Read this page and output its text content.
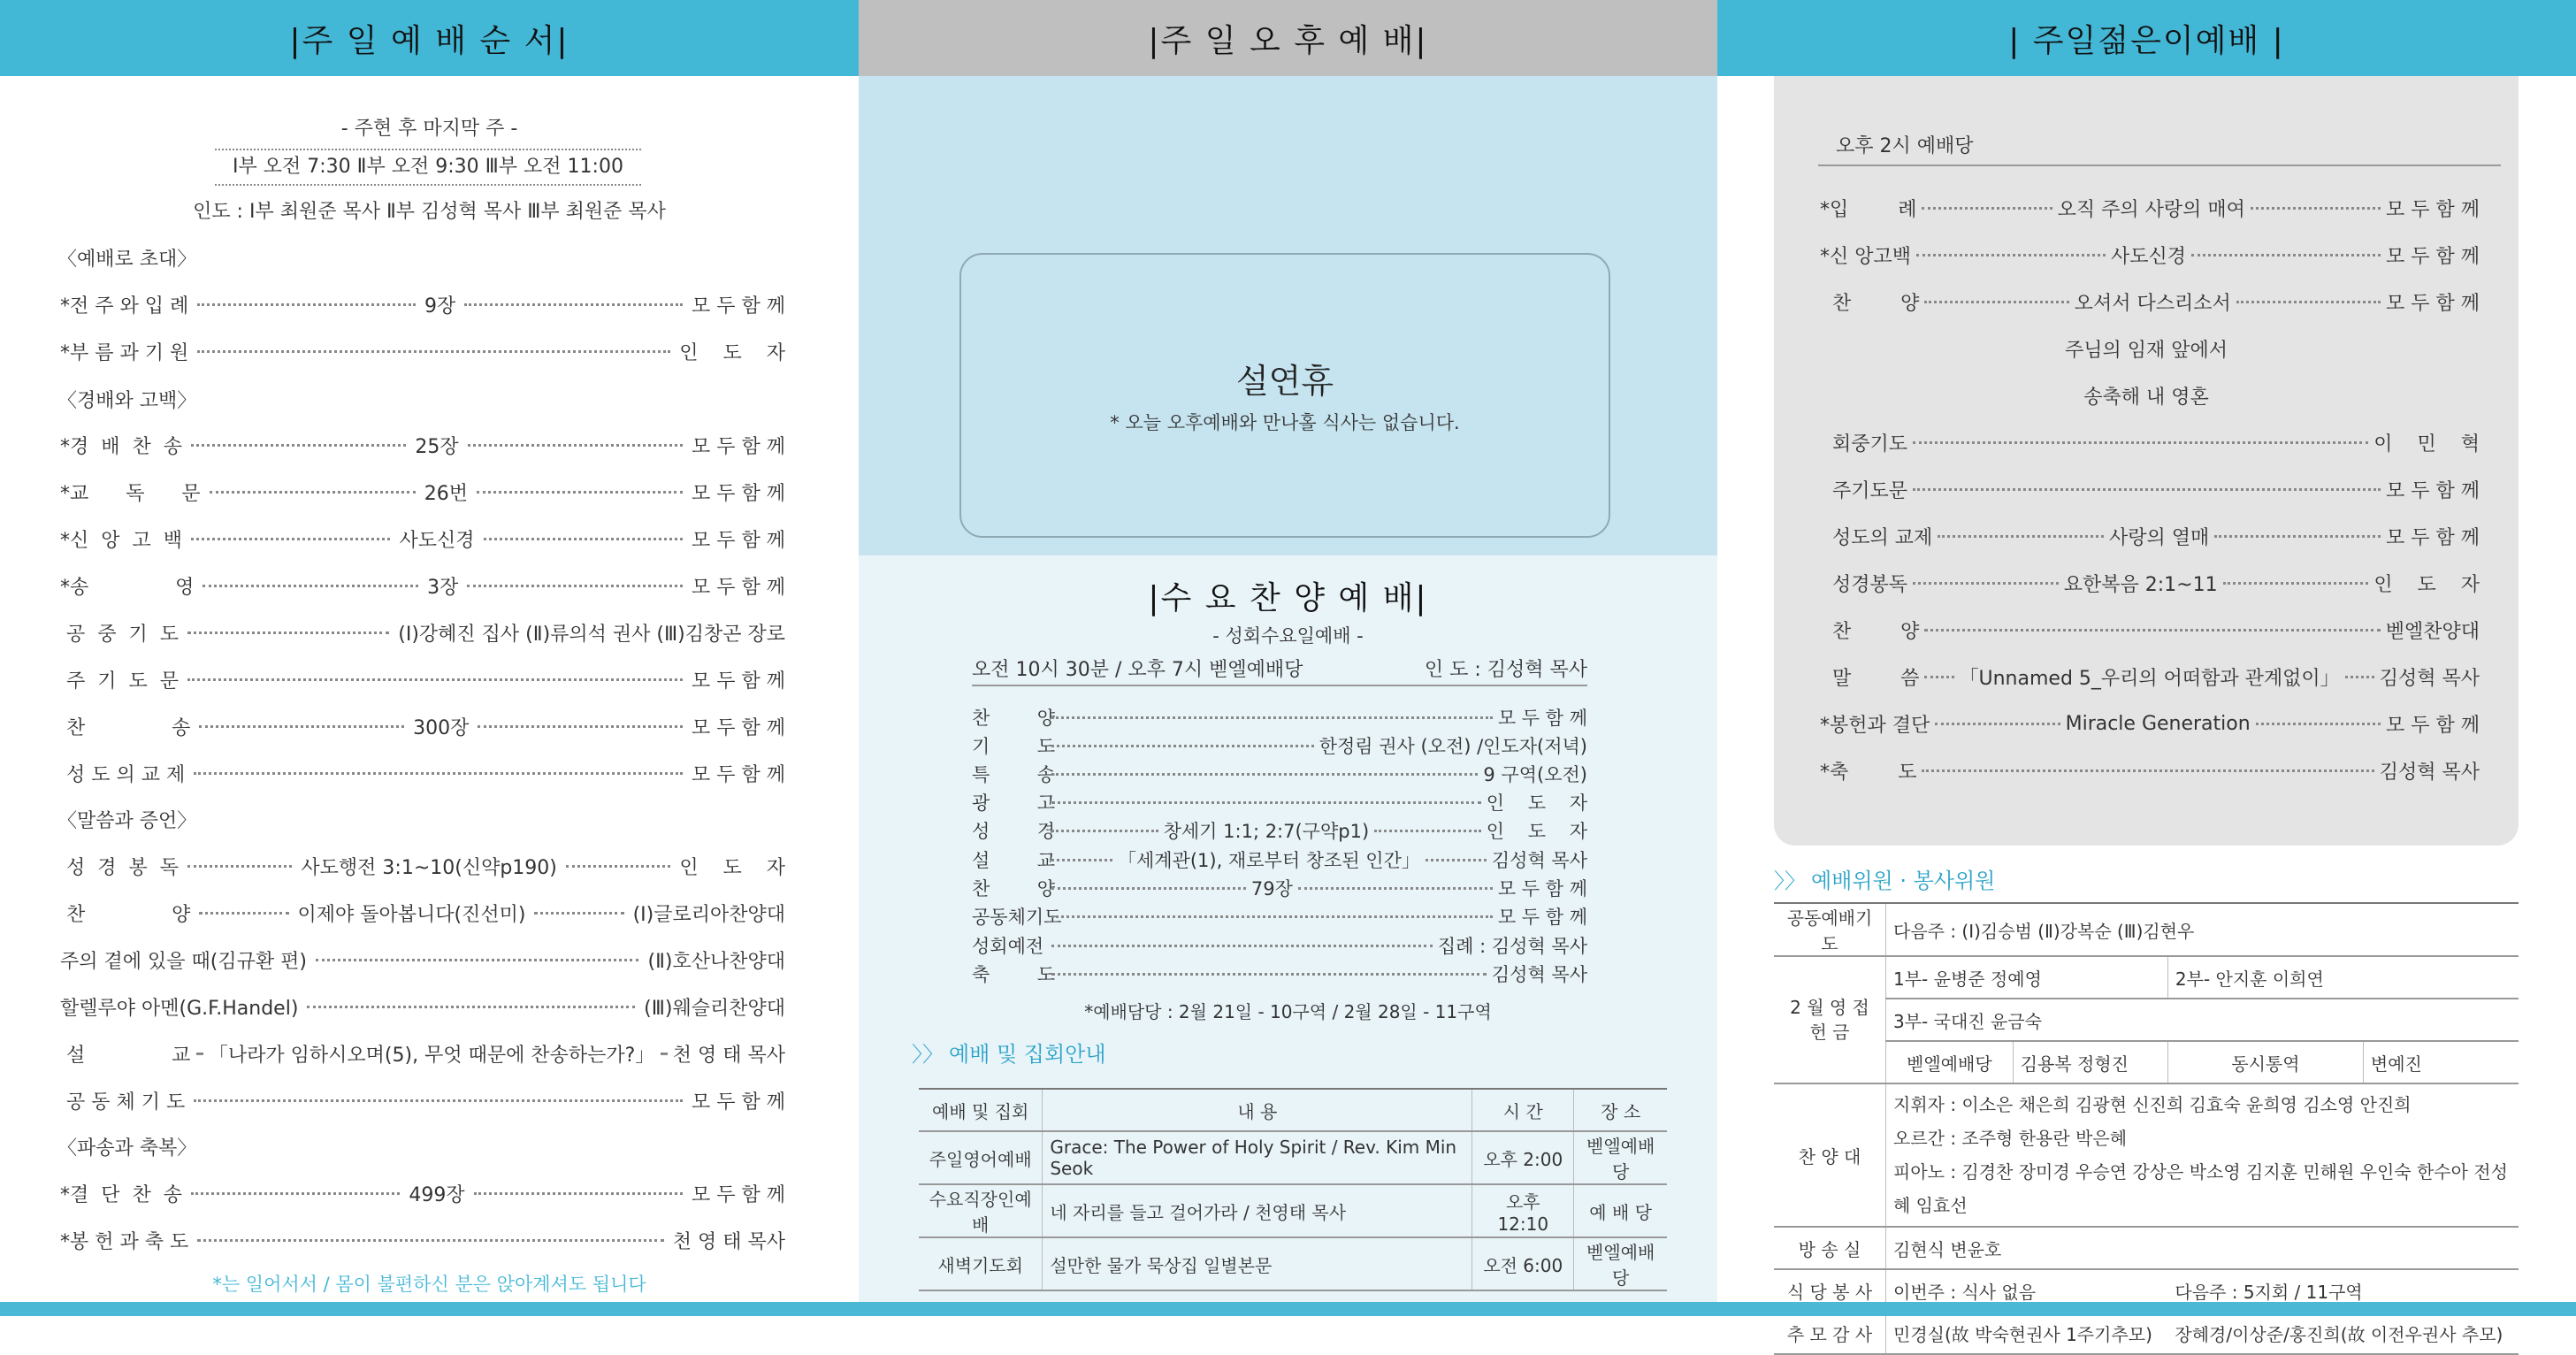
|주 일 예 배 순 서|
- 주현 후 마지막 주 -
Ⅰ부 오전 7:30 Ⅱ부 오전 9:30 Ⅲ부 오전 11:00
인도 : Ⅰ부 최원준 목사 Ⅱ부 김성혁 목사 Ⅲ부 최원준 목사
〈예배로 초대〉
〈경배와 고백〉
〈말씀과 증언〉
〈파송과 축복〉
*전 주 와 입 례	9장	모 두 함 께
*부 름 과 기 원	인    도    자
*경  배  찬  송	25장	모 두 함 께
*교      독      문	26번	모 두 함 께
*신  앙  고  백	사도신경	모 두 함 께
*송              영	3장	모 두 함 께
공  중  기  도	(Ⅰ)강혜진 집사 (Ⅱ)류의석 권사 (Ⅲ)김창곤 장로
주  기  도  문	모 두 함 께
찬              송	300장	모 두 함 께
성 도 의 교 제	모 두 함 께
성  경  봉  독	사도행전 3:1~10(신약p190)	인    도    자
찬              양	이제야 돌아봅니다(진선미)	(Ⅰ)글로리아찬양대
주의 곁에 있을 때(김규환 편)	(Ⅱ)호산나찬양대
할렐루야 아멘(G.F.Handel)	(Ⅲ)웨슬리찬양대
설              교 「나라가 임하시오며(5), 무엇 때문에 찬송하는가?」 천 영 태 목사
공 동 체 기 도	모 두 함 께
*결  단  찬  송	499장	모 두 함 께
*봉 헌 과 축 도	천 영 태 목사
*는 일어서서 / 몸이 불편하신 분은 앉아계셔도 됩니다
|주 일 오 후 예 배|
설연휴
* 오늘 오후예배와 만나홀 식사는 없습니다.
|수 요 찬 양 예 배|
- 성회수요일예배 -
오전 10시 30분 / 오후 7시 벧엘예배당	인 도 : 김성혁 목사
찬        양	모 두 함 께
기        도	한정림 권사 (오전) /인도자(저녁)
특        송	9 구역(오전)
광        고	인    도    자
성        경	창세기 1:1; 2:7(구약p1)	인    도    자
설        교	「세계관(1), 재로부터 창조된 인간」	김성혁 목사
찬        양	79장	모 두 함 께
공동체기도	모 두 함 께
성회예전	집례 : 김성혁 목사
축        도	김성혁 목사
*예배담당 : 2월 21일 - 10구역 / 2월 28일 - 11구역
〉〉 예배 및 집회안내
예배 및 집회	내 용	시 간	장 소
주일영어예배	Grace: The Power of Holy Spirit / Rev. Kim Min Seok	오후 2:00	벧엘예배당
수요직장인예배	네 자리를 들고 걸어가라 / 천영태 목사	오후 12:10	예 배 당
새벽기도회	설만한 물가 묵상집 일별본문	오전 6:00	벧엘예배당
| 주일젊은이예배 |
오후 2시 예배당
*입        례	오직 주의 사랑의 매여	모 두 함 께
*신 앙고백	사도신경	모 두 함 께
찬        양	오셔서 다스리소서	모 두 함 께
주님의 임재 앞에서
송축해 내 영혼
회중기도	이    민    혁
주기도문	모 두 함 께
성도의 교제	사랑의 열매	모 두 함 께
성경봉독	요한복음 2:1~11	인    도    자
찬        양	벧엘찬양대
말        씀 「Unnamed 5_우리의 어떠함과 관계없이」 김성혁 목사
*봉헌과 결단	Miracle Generation	모 두 함 께
*축        도	김성혁 목사
〉〉 예배위원 · 봉사위원
공동예배기도	다음주 : (Ⅰ)김승범 (Ⅱ)강복순 (Ⅲ)김현우			
2 월 영 접 헌 금	1부- 윤병준 정예영		2부- 안지훈 이희연	
	3부- 국대진 윤금숙			
	벧엘예배당	김용복 정형진	동시통역	변예진
찬 양 대	지휘자 : 이소은 채은희 김광현 신진희 김효숙 윤희영 김소영 안진희
오르간 : 조주형 한용란 박은혜
피아노 : 김경찬 장미경 우승연 강상은 박소영 김지훈 민해원 우인숙 한수아 전성혜 임효선			

방 송 실	김현식 변윤호			
식 당 봉 사	이번주 : 식사 없음		다음주 : 5지회 / 11구역	
추 모 감 사	민경실(故 박숙현권사 1주기추모)		장혜경/이상준/홍진희(故 이전우권사 추모)	
